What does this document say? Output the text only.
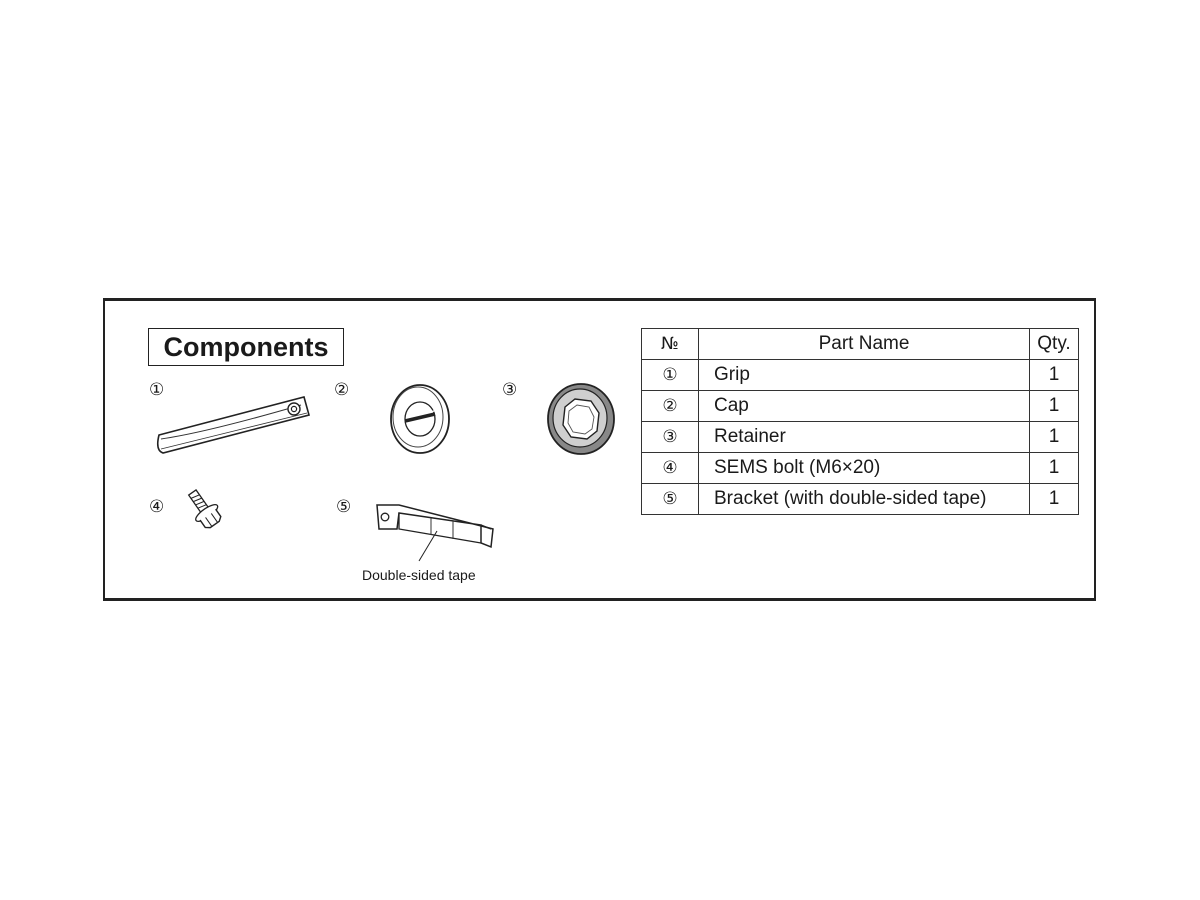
Components
①	②	③
④	⑤
Double-sided tape
№	Part Name	Qty.
①	Grip	1
②	Cap	1
③	Retainer	1
④	SEMS bolt (M6×20)	1
⑤	Bracket (with double-sided tape)	1
